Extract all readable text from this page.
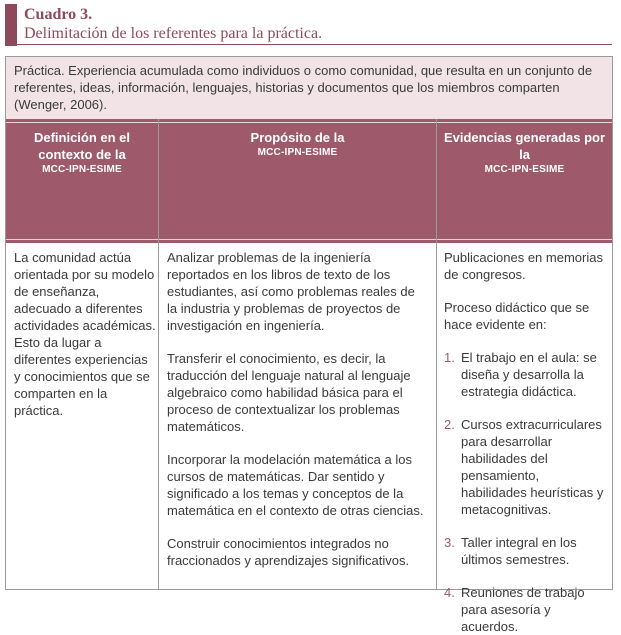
Cuadro 3.
Delimitación de los referentes para la práctica.
Práctica. Experiencia acumulada como individuos o como comunidad, que resulta en un conjunto de referentes, ideas, información, lenguajes, historias y documentos que los miembros comparten (Wenger, 2006).
Definición en el contexto de la
MCC-IPN-ESIME
Propósito de la
MCC-IPN-ESIME
Evidencias generadas por la
MCC-IPN-ESIME

La comunidad actúa orientada por su modelo de enseñanza, adecuado a diferentes actividades académicas. Esto da lugar a diferentes experiencias y conocimientos que se comparten en la práctica.

Analizar problemas de la ingeniería reportados en los libros de texto de los estudiantes, así como problemas reales de la industria y problemas de proyectos de investigación en ingeniería.

Transferir el conocimiento, es decir, la traducción del lenguaje natural al lenguaje algebraico como habilidad básica para el proceso de contextualizar los problemas matemáticos.

Incorporar la modelación matemática a los cursos de matemáticas. Dar sentido y significado a los temas y conceptos de la matemática en el contexto de otras ciencias.

Construir conocimientos integrados no fraccionados y aprendizajes significativos.

Publicaciones en memorias de congresos.

Proceso didáctico que se hace evidente en:

1. El trabajo en el aula: se diseña y desarrolla la estrategia didáctica.
2. Cursos extracurriculares para desarrollar habilidades del pensamiento, habilidades heurísticas y metacognitivas.
3. Taller integral en los últimos semestres.
4. Reuniones de trabajo para asesoría y acuerdos.
